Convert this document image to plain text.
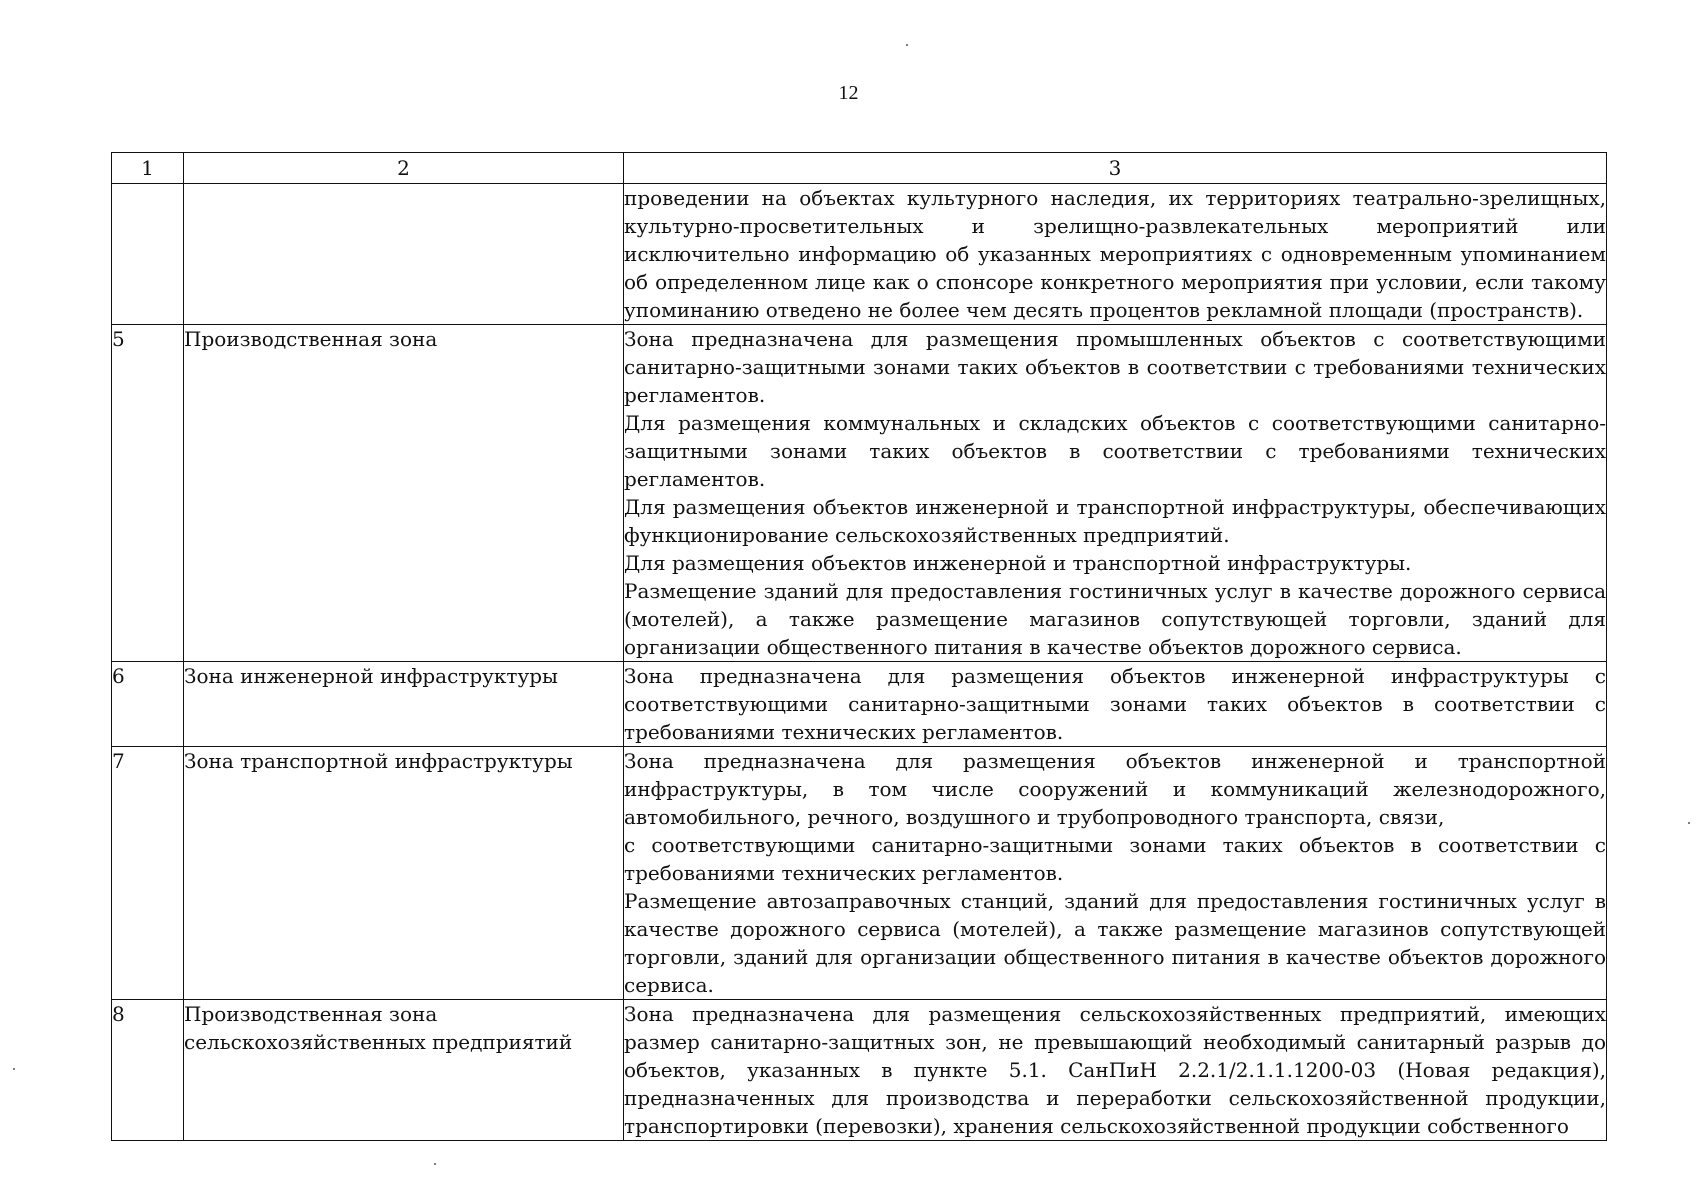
12
1	2	3

		проведении на объектах культурного наследия, их территориях театрально-зрелищных, культурно-просветительных и зрелищно-развлекательных мероприятий или исключительно информацию об указанных мероприятиях с одновременным упоминанием об определенном лице как о спонсоре конкретного мероприятия при условии, если такому упоминанию отведено не более чем десять процентов рекламной площади (пространств).

5	Производственная зона	Зона предназначена для размещения промышленных объектов с соответствующими санитарно-защитными зонами таких объектов в соответствии с требованиями технических регламентов.

Для размещения коммунальных и складских объектов с соответствующими санитарно-защитными зонами таких объектов в соответствии с требованиями технических регламентов.

Для размещения объектов инженерной и транспортной инфраструктуры, обеспечивающих функционирование сельскохозяйственных предприятий.

Для размещения объектов инженерной и транспортной инфраструктуры.

Размещение зданий для предоставления гостиничных услуг в качестве дорожного сервиса (мотелей), а также размещение магазинов сопутствующей торговли, зданий для организации общественного питания в качестве объектов дорожного сервиса.

6	Зона инженерной инфраструктуры	Зона предназначена для размещения объектов инженерной инфраструктуры с соответствующими санитарно-защитными зонами таких объектов в соответствии с требованиями технических регламентов.

7	Зона транспортной инфраструктуры	Зона предназначена для размещения объектов инженерной и транспортной инфраструктуры, в том числе сооружений и коммуникаций железнодорожного, автомобильного, речного, воздушного и трубопроводного транспорта, связи,

с соответствующими санитарно-защитными зонами таких объектов в соответствии с требованиями технических регламентов.

Размещение автозаправочных станций, зданий для предоставления гостиничных услуг в качестве дорожного сервиса (мотелей), а также размещение магазинов сопутствующей торговли, зданий для организации общественного питания в качестве объектов дорожного сервиса.

8	Производственная зона сельскохозяйственных предприятий	Зона предназначена для размещения сельскохозяйственных предприятий, имеющих размер санитарно-защитных зон, не превышающий необходимый санитарный разрыв до объектов, указанных в пункте 5.1. СанПиН 2.2.1/2.1.1.1200-03 (Новая редакция), предназначенных для производства и переработки сельскохозяйственной продукции, транспортировки (перевозки), хранения сельскохозяйственной продукции собственного
